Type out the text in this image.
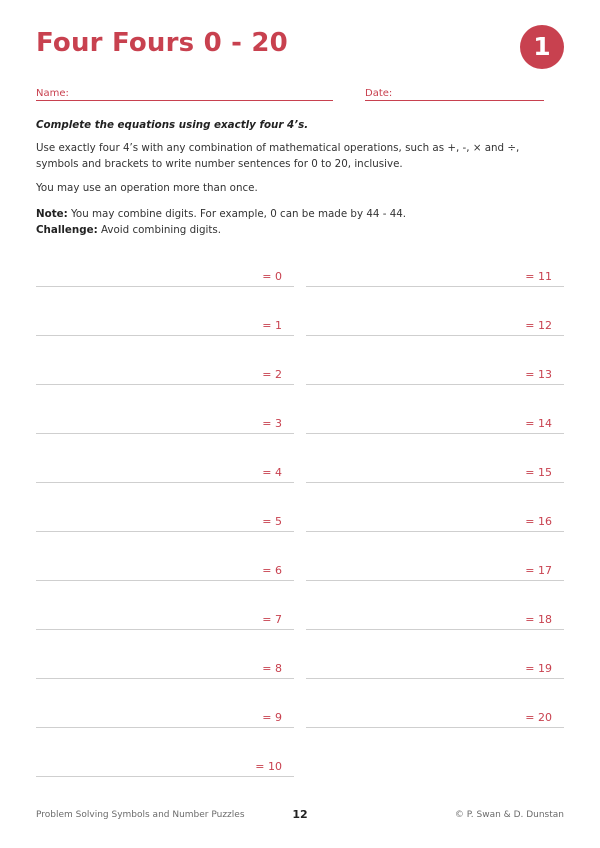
Four Fours 0 - 20	1
Name:	Date:
Complete the equations using exactly four 4’s.
Use exactly four 4’s with any combination of mathematical operations, such as +, -, × and ÷, symbols and brackets to write number sentences for 0 to 20, inclusive.
You may use an operation more than once.
Note: You may combine digits. For example, 0 can be made by 44 - 44.
Challenge: Avoid combining digits.
= 0
= 1
= 2
= 3
= 4
= 5
= 6
= 7
= 8
= 9
= 10
= 11
= 12
= 13
= 14
= 15
= 16
= 17
= 18
= 19
= 20
Problem Solving Symbols and Number Puzzles	12	© P. Swan & D. Dunstan
